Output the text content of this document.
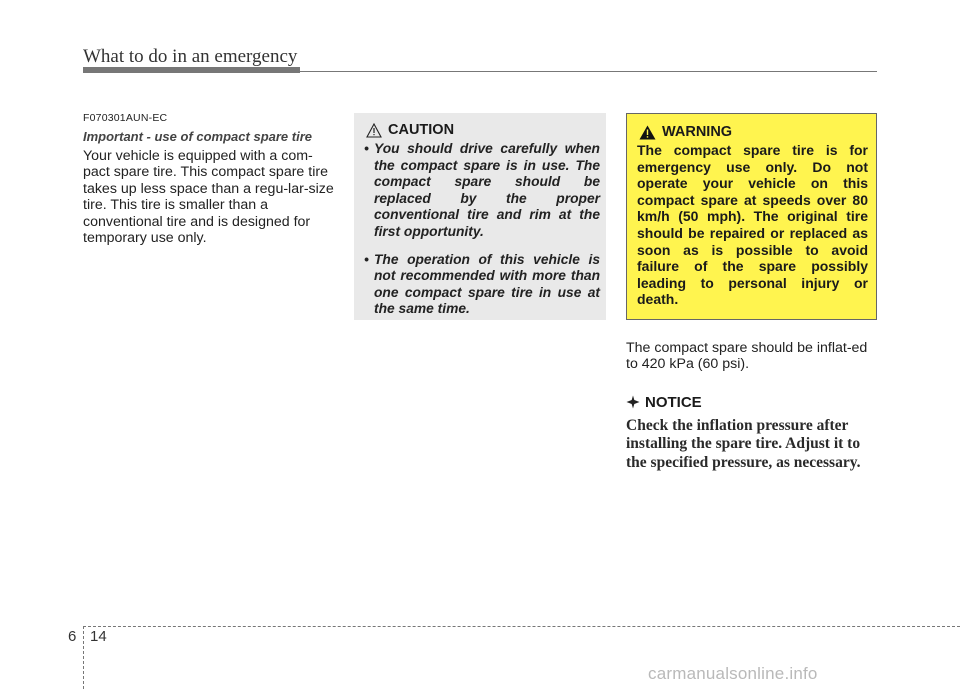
What to do in an emergency
F070301AUN-EC
Important - use of compact spare tire
Your vehicle is equipped with a com-pact spare tire. This compact spare tire takes up less space than a regu-lar-size tire. This tire is smaller than a conventional tire and is designed for temporary use only.
CAUTION
• You should drive carefully when the compact spare is in use. The compact spare should be replaced by the proper conventional tire and rim at the first opportunity.
• The operation of this vehicle is not recommended with more than one compact spare tire in use at the same time.
WARNING
The compact spare tire is for emergency use only. Do not operate your vehicle on this compact spare at speeds over 80 km/h (50 mph). The original tire should be repaired or replaced as soon as is possible to avoid failure of the spare possibly leading to personal injury or death.
The compact spare should be inflat-ed to 420 kPa (60 psi).
NOTICE
Check the inflation pressure after installing the spare tire. Adjust it to the specified pressure, as necessary.
6 14
carmanualsonline.info
